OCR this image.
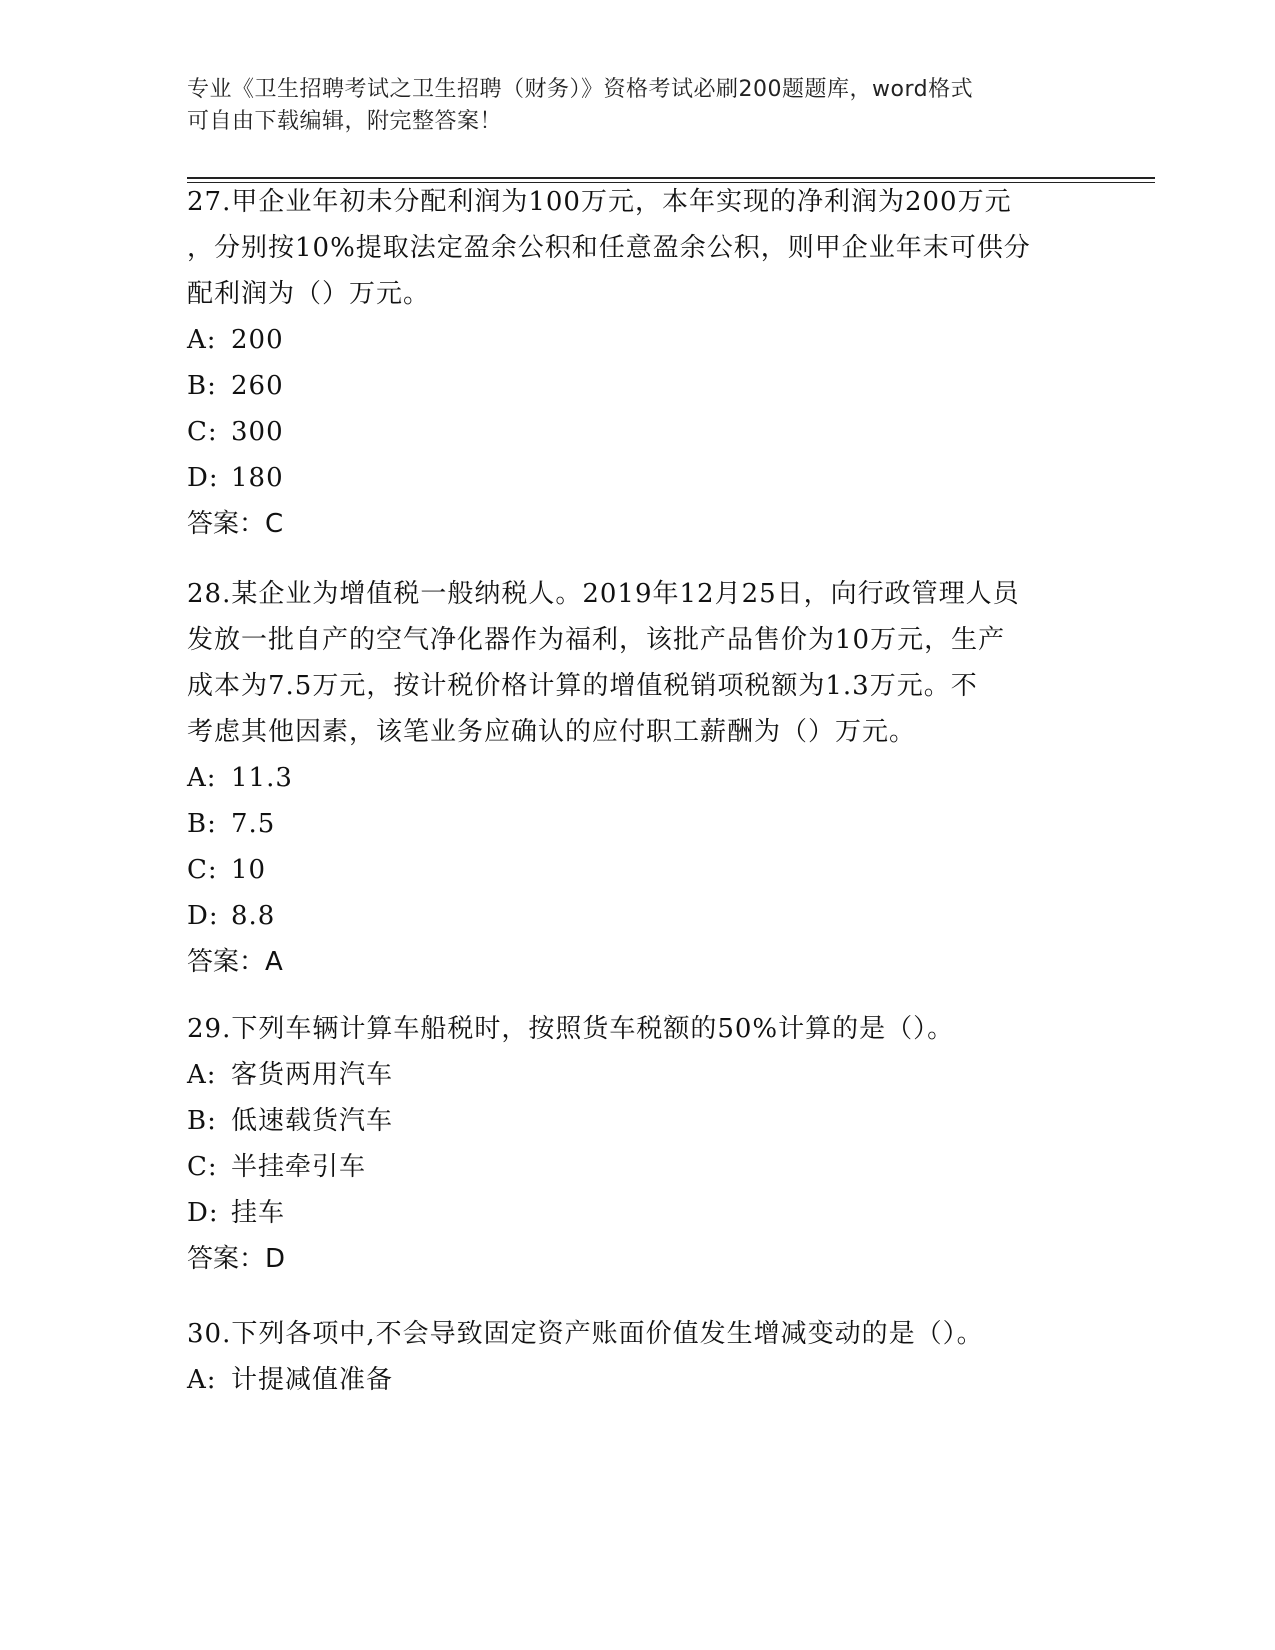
专业《卫生招聘考试之卫生招聘（财务）》资格考试必刷200题题库，word格式
可自由下载编辑，附完整答案！
27.甲企业年初未分配利润为100万元，本年实现的净利润为200万元
，分别按10%提取法定盈余公积和任意盈余公积，则甲企业年末可供分
配利润为（）万元。
A: 200
B: 260
C: 300
D: 180
答案：C
28.某企业为增值税一般纳税人。2019年12月25日，向行政管理人员
发放一批自产的空气净化器作为福利，该批产品售价为10万元，生产
成本为7.5万元，按计税价格计算的增值税销项税额为1.3万元。不
考虑其他因素，该笔业务应确认的应付职工薪酬为（）万元。
A: 11.3
B: 7.5
C: 10
D: 8.8
答案：A
29.下列车辆计算车船税时，按照货车税额的50%计算的是（）。
A: 客货两用汽车
B: 低速载货汽车
C: 半挂牵引车
D: 挂车
答案：D
30.下列各项中,不会导致固定资产账面价值发生增减变动的是（）。
A: 计提减值准备
